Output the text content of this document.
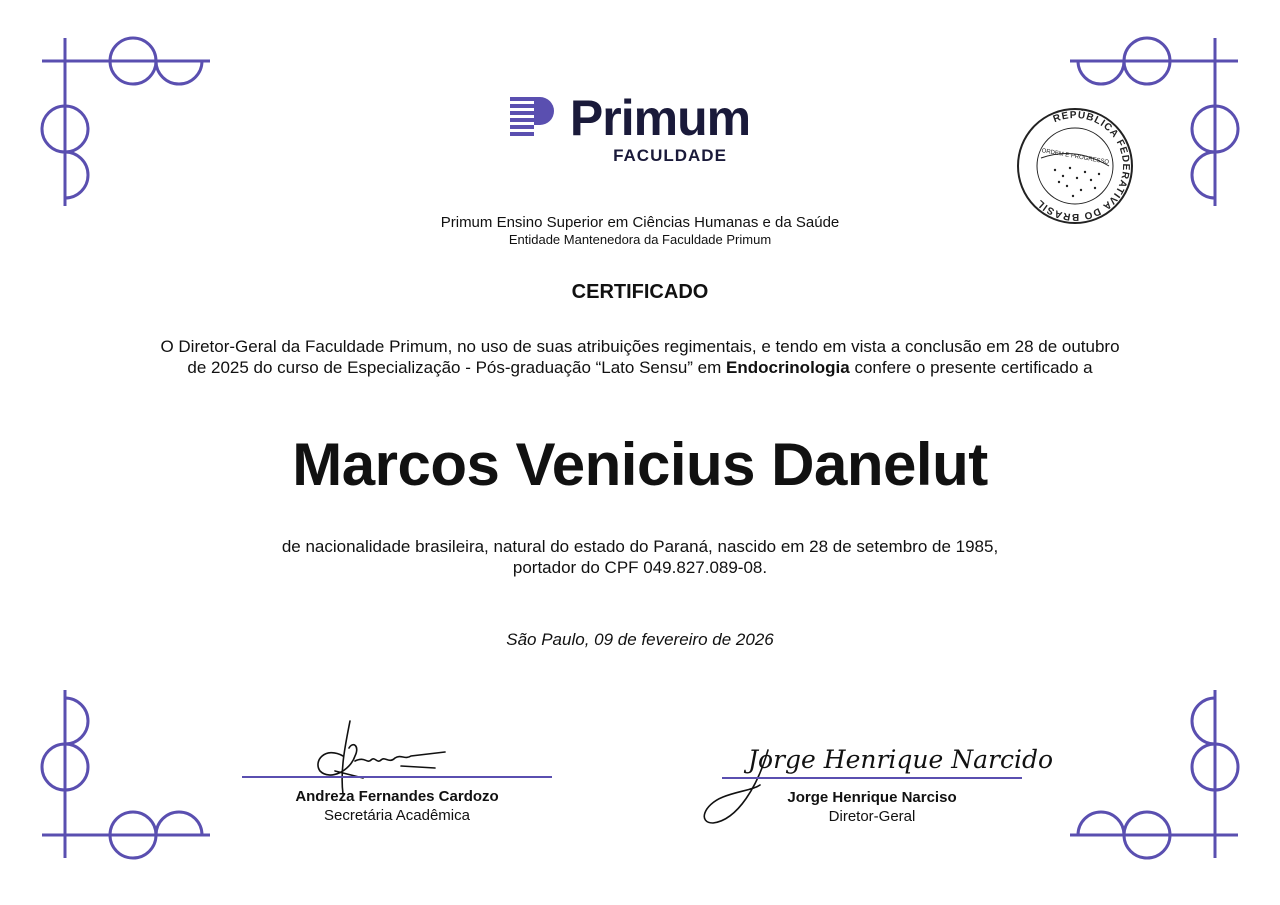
Primum
FACULDADE
REPÚBLICA FEDERATIVA DO BRASIL
ORDEM E PROGRESSO
Primum Ensino Superior em Ciências Humanas e da Saúde
Entidade Mantenedora da Faculdade Primum
CERTIFICADO
O Diretor-Geral da Faculdade Primum, no uso de suas atribuições regimentais, e tendo em vista a conclusão em 28 de outubro de 2025 do curso de Especialização - Pós-graduação “Lato Sensu” em Endocrinologia confere o presente certificado a
Marcos Venicius Danelut
de nacionalidade brasileira, natural do estado do Paraná, nascido em 28 de setembro de 1985,
portador do CPF 049.827.089-08.
São Paulo, 09 de fevereiro de 2026
Andreza Fernandes Cardozo
Secretária Acadêmica
Jorge Henrique Narcido
Jorge Henrique Narciso
Diretor-Geral
